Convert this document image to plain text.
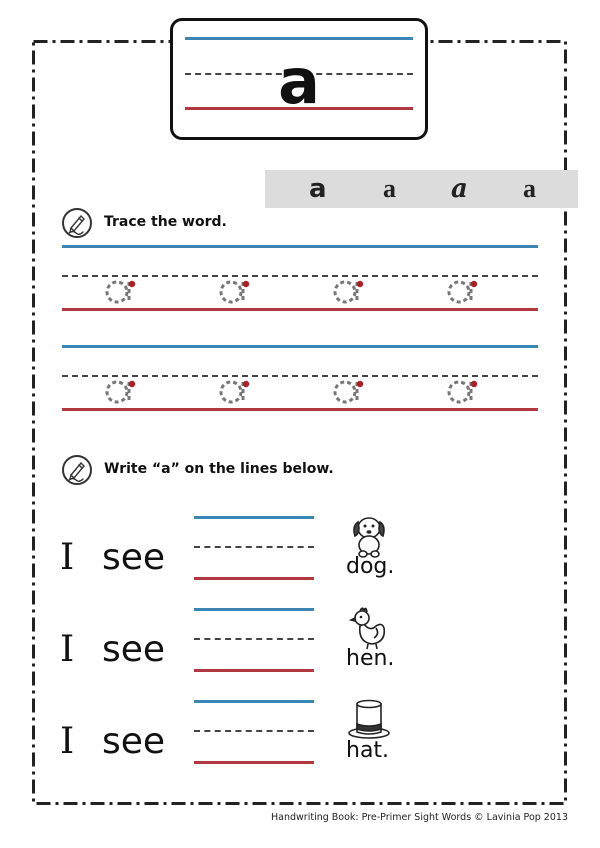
a
a a a a
Trace the word.
Write “a” on the lines below.
I see	dog.
I see	hen.
I see	hat.
Handwriting Book: Pre-Primer Sight Words © Lavinia Pop 2013
